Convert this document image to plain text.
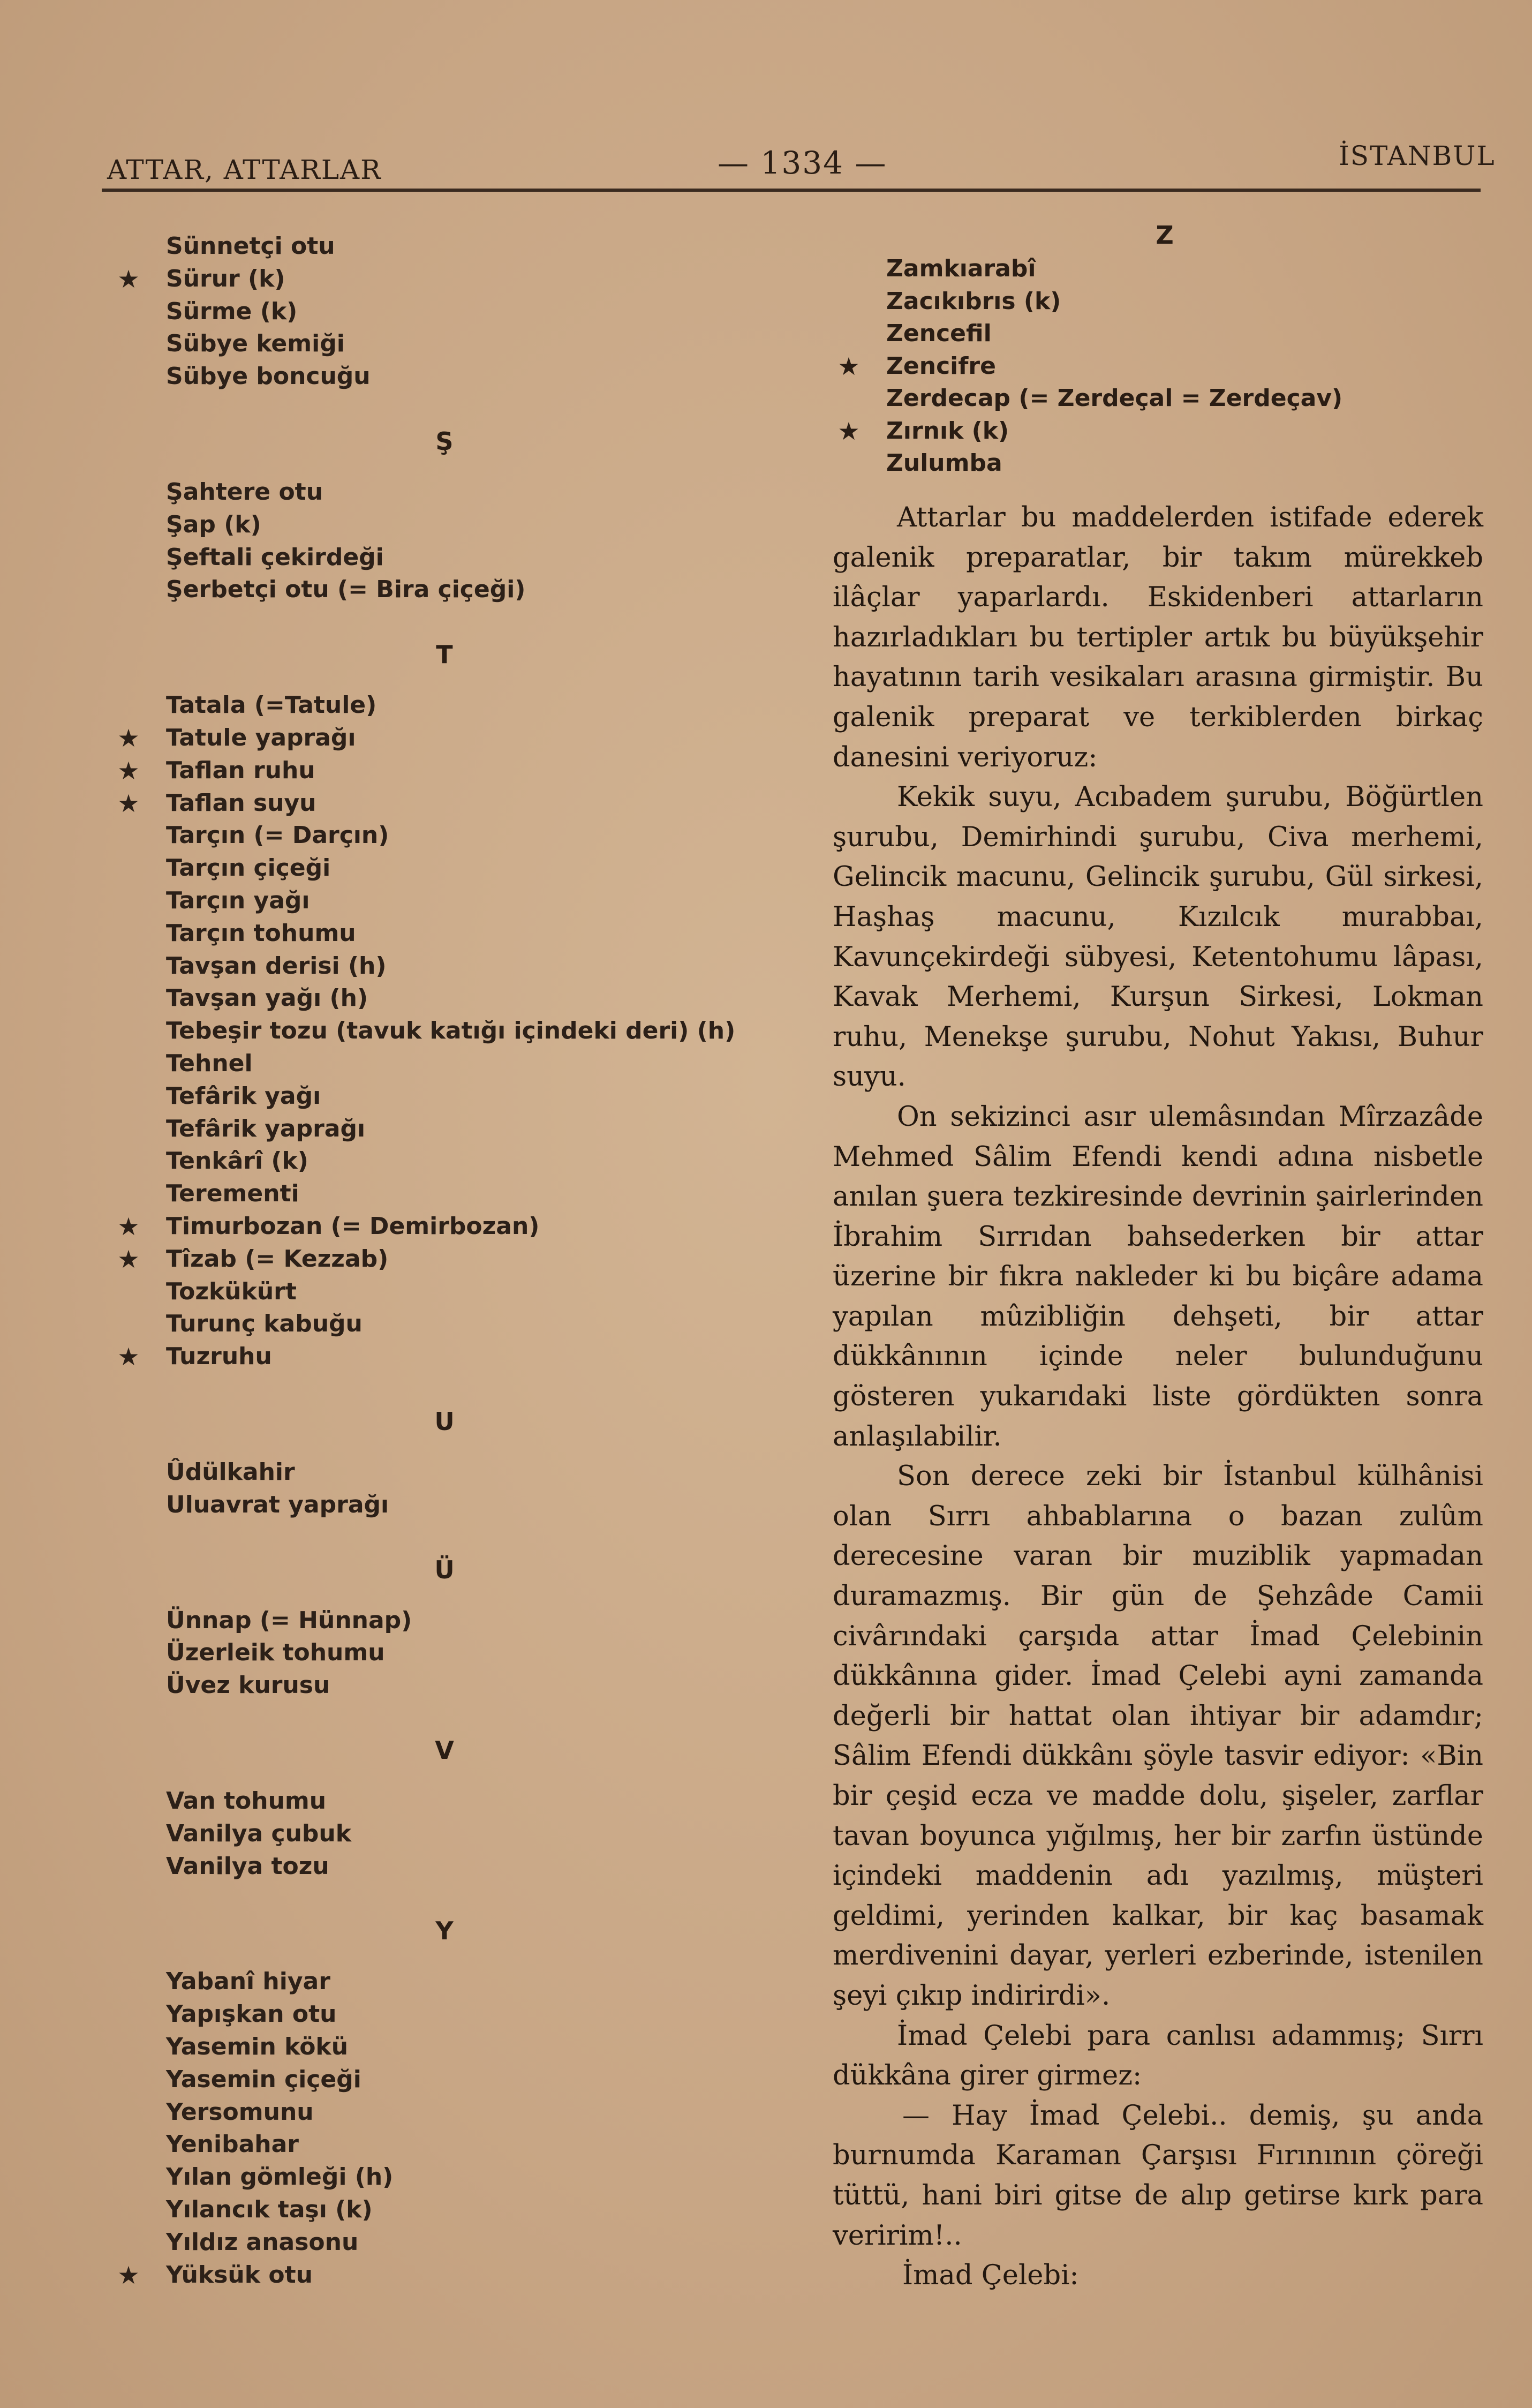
ATTAR, ATTARLAR	— 1334 —	İSTANBUL
Sünnetçi otu
★ Sürur (k)
Sürme (k)
Sübye kemiği
Sübye boncuğu
Ş
Şahtere otu
Şap (k)
Şeftali çekirdeği
Şerbetçi otu (= Bira çiçeği)
T
Tatala (=Tatule)
★ Tatule yaprağı
★ Taflan ruhu
★ Taflan suyu
Tarçın (= Darçın)
Tarçın çiçeği
Tarçın yağı
Tarçın tohumu
Tavşan derisi (h)
Tavşan yağı (h)
Tebeşir tozu (tavuk katığı içindeki deri) (h)
Tehnel
Tefârik yağı
Tefârik yaprağı
Tenkârî (k)
Terementi
★ Timurbozan (= Demirbozan)
★ Tîzab (= Kezzab)
Tozkükürt
Turunç kabuğu
★ Tuzruhu
U
Ûdülkahir
Uluavrat yaprağı
Ü
Ünnap (= Hünnap)
Üzerleik tohumu
Üvez kurusu
V
Van tohumu
Vanilya çubuk
Vanilya tozu
Y
Yabanî hiyar
Yapışkan otu
Yasemin kökü
Yasemin çiçeği
Yersomunu
Yenibahar
Yılan gömleği (h)
Yılancık taşı (k)
Yıldız anasonu
★ Yüksük otu
Z
Zamkıarabî
Zacıkıbrıs (k)
Zencefil
★ Zencifre
Zerdecap (= Zerdeçal = Zerdeçav)
★ Zırnık (k)
Zulumba

Attarlar bu maddelerden istifade ederek galenik preparatlar, bir takım mürekkeb ilâçlar yaparlardı. Eskidenberi attarların hazırladıkları bu tertipler artık bu büyükşehir hayatının tarih vesikaları arasına girmiştir. Bu galenik preparat ve terkiblerden birkaç danesini veriyoruz:

Kekik suyu, Acıbadem şurubu, Böğürtlen şurubu, Demirhindi şurubu, Civa merhemi, Gelincik macunu, Gelincik şurubu, Gül sirkesi, Haşhaş macunu, Kızılcık murabbaı, Kavunçekirdeği sübyesi, Ketentohumu lâpası, Kavak Merhemi, Kurşun Sirkesi, Lokman ruhu, Menekşe şurubu, Nohut Yakısı, Buhur suyu.

On sekizinci asır ulemâsından Mîrzazâde Mehmed Sâlim Efendi kendi adına nisbetle anılan şuera tezkiresinde devrinin şairlerinden İbrahim Sırrıdan bahsederken bir attar üzerine bir fıkra nakleder ki bu biçâre adama yapılan mûzibliğin dehşeti, bir attar dükkânının içinde neler bulunduğunu gösteren yukarıdaki liste gördükten sonra anlaşılabilir.

Son derece zeki bir İstanbul külhânisi olan Sırrı ahbablarına o bazan zulûm derecesine varan bir muziblik yapmadan duramazmış. Bir gün de Şehzâde Camii civârındaki çarşıda attar İmad Çelebinin dükkânına gider. İmad Çelebi ayni zamanda değerli bir hattat olan ihtiyar bir adamdır; Sâlim Efendi dükkânı şöyle tasvir ediyor: «Bin bir çeşid ecza ve madde dolu, şişeler, zarflar tavan boyunca yığılmış, her bir zarfın üstünde içindeki maddenin adı yazılmış, müşteri geldimi, yerinden kalkar, bir kaç basamak merdivenini dayar, yerleri ezberinde, istenilen şeyi çıkıp indirirdi».

İmad Çelebi para canlısı adammış; Sırrı dükkâna girer girmez:

— Hay İmad Çelebi.. demiş, şu anda burnumda Karaman Çarşısı Fırınının çöreği tüttü, hani biri gitse de alıp getirse kırk para veririm!..

İmad Çelebi:
